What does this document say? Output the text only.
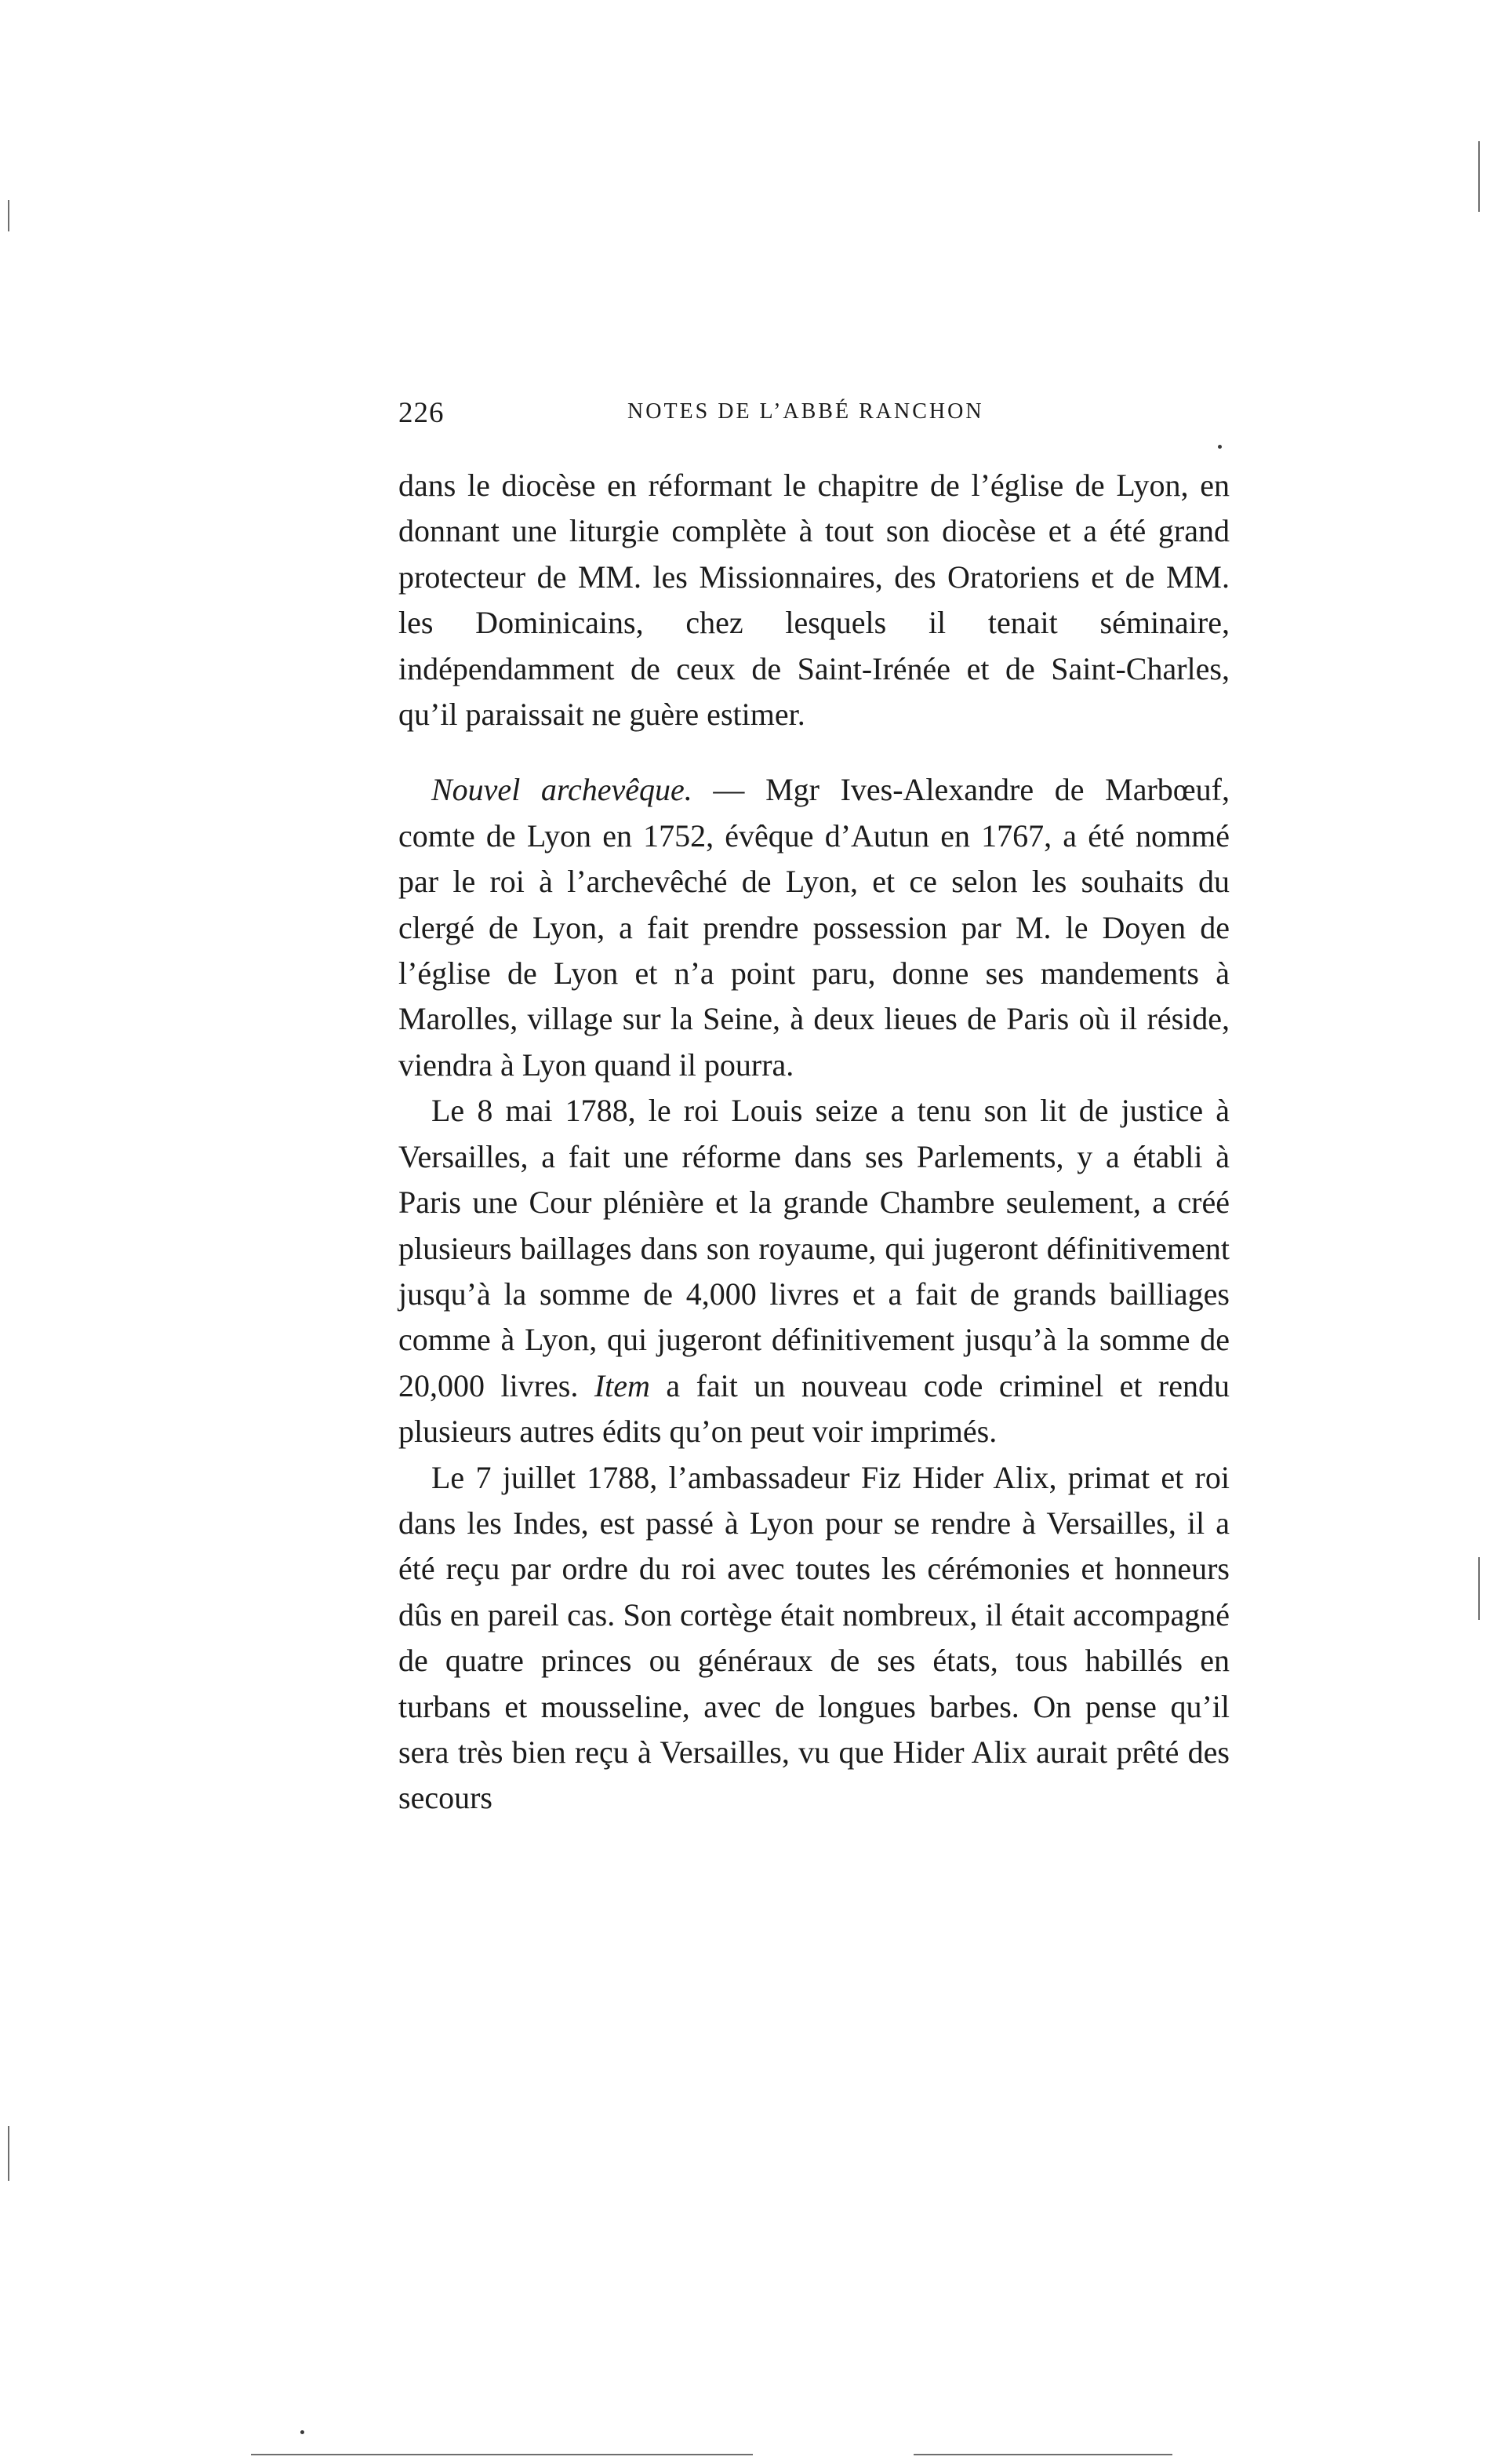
226	NOTES DE L’ABBÉ RANCHON

dans le diocèse en réformant le chapitre de l’église de Lyon, en donnant une liturgie complète à tout son diocèse et a été grand protecteur de MM. les Missionnaires, des Oratoriens et de MM. les Dominicains, chez lesquels il tenait séminaire, indépendamment de ceux de Saint-Irénée et de Saint-Charles, qu’il paraissait ne guère estimer.

Nouvel archevêque. — Mgr Ives-Alexandre de Marbœuf, comte de Lyon en 1752, évêque d’Autun en 1767, a été nommé par le roi à l’archevêché de Lyon, et ce selon les souhaits du clergé de Lyon, a fait prendre possession par M. le Doyen de l’église de Lyon et n’a point paru, donne ses mandements à Marolles, village sur la Seine, à deux lieues de Paris où il réside, viendra à Lyon quand il pourra.

Le 8 mai 1788, le roi Louis seize a tenu son lit de justice à Versailles, a fait une réforme dans ses Parlements, y a établi à Paris une Cour plénière et la grande Chambre seulement, a créé plusieurs baillages dans son royaume, qui jugeront définitivement jusqu’à la somme de 4,000 livres et a fait de grands bailliages comme à Lyon, qui jugeront définitivement jusqu’à la somme de 20,000 livres. Item a fait un nouveau code criminel et rendu plusieurs autres édits qu’on peut voir imprimés.

Le 7 juillet 1788, l’ambassadeur Fiz Hider Alix, primat et roi dans les Indes, est passé à Lyon pour se rendre à Versailles, il a été reçu par ordre du roi avec toutes les cérémonies et honneurs dûs en pareil cas. Son cortège était nombreux, il était accompagné de quatre princes ou généraux de ses états, tous habillés en turbans et mousseline, avec de longues barbes. On pense qu’il sera très bien reçu à Versailles, vu que Hider Alix aurait prêté des secours
